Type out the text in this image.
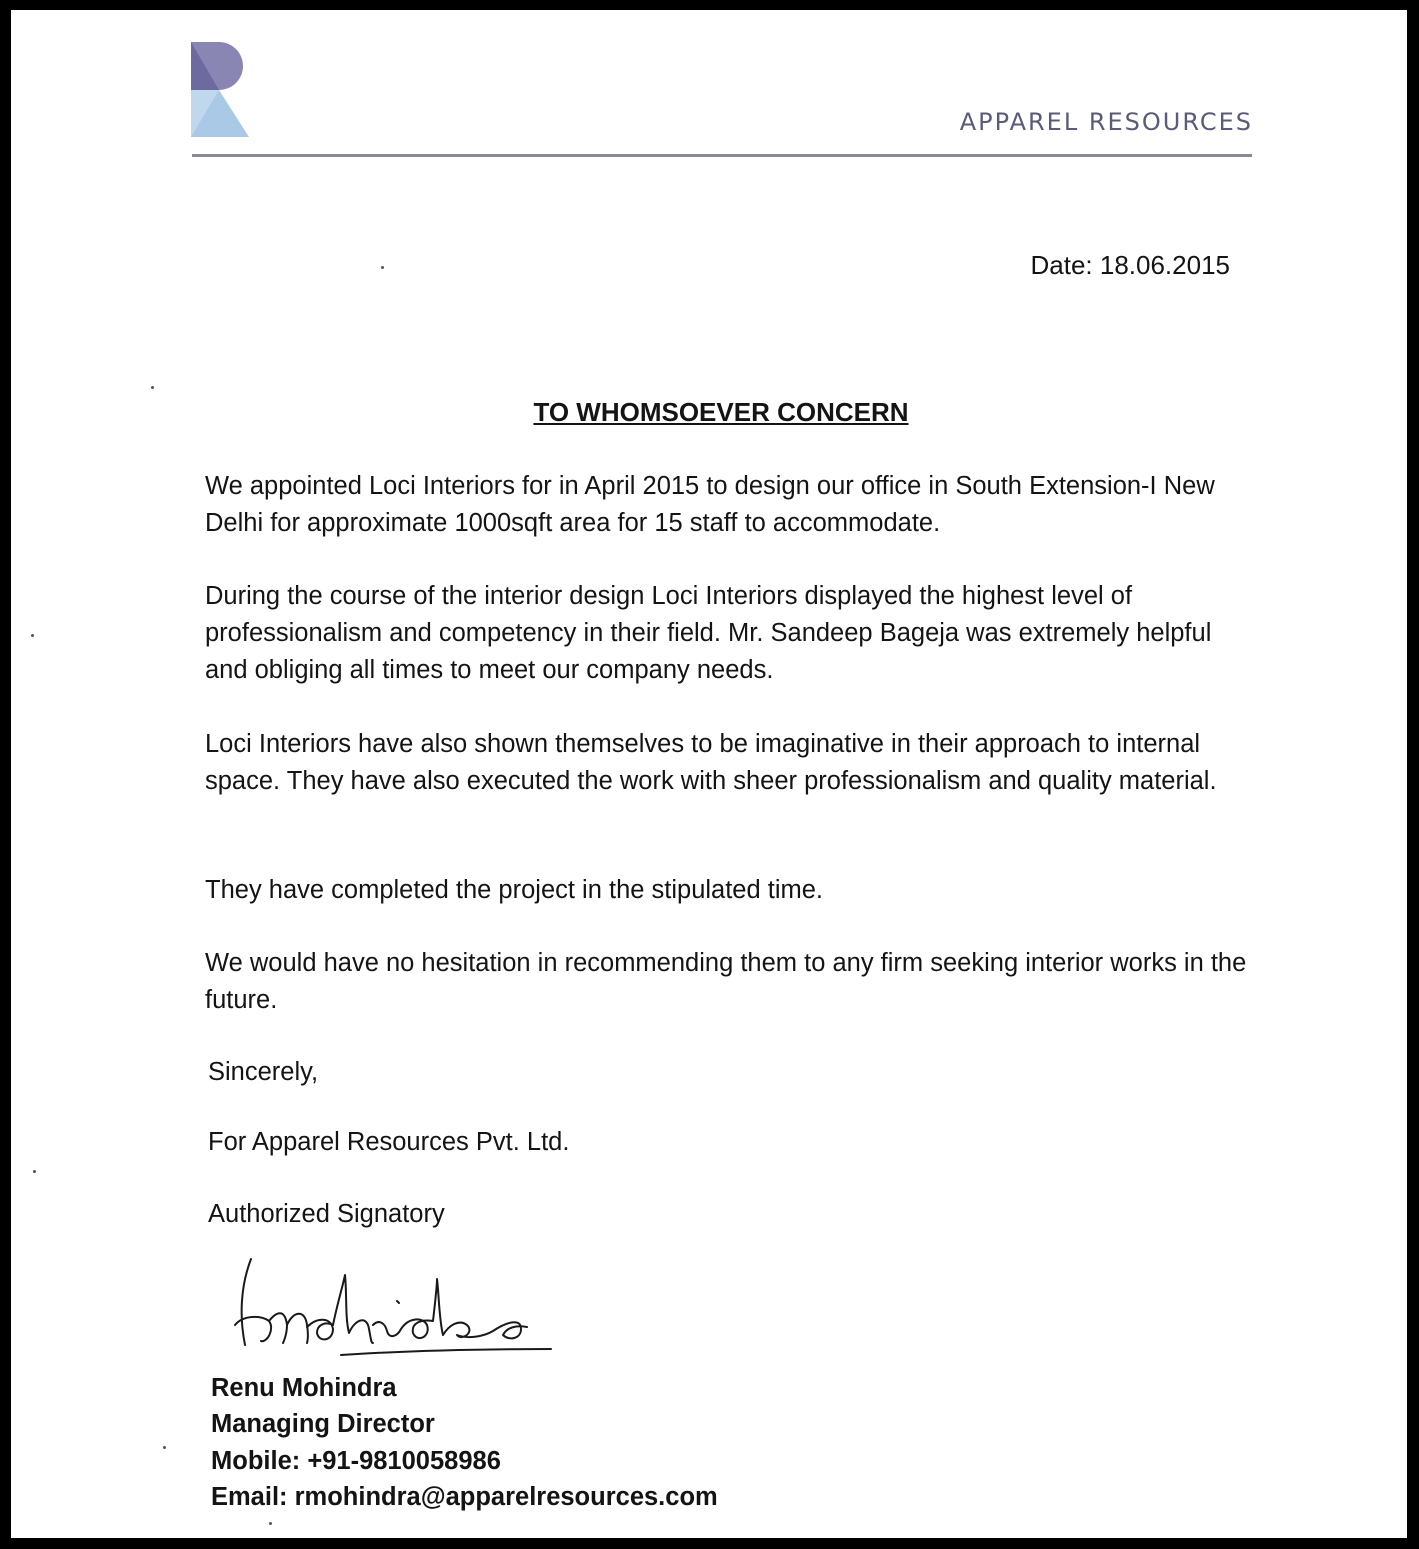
APPAREL RESOURCES
Date: 18.06.2015
TO WHOMSOEVER CONCERN

We appointed Loci Interiors for in April 2015 to design our office in South Extension-I New Delhi for approximate 1000sqft area for 15 staff to accommodate.

During the course of the interior design Loci Interiors displayed the highest level of professionalism and competency in their field. Mr. Sandeep Bageja was extremely helpful and obliging all times to meet our company needs.

Loci Interiors have also shown themselves to be imaginative in their approach to internal space. They have also executed the work with sheer professionalism and quality material.

They have completed the project in the stipulated time.

We would have no hesitation in recommending them to any firm seeking interior works in the future.

Sincerely,
For Apparel Resources Pvt. Ltd.
Authorized Signatory
Renu Mohindra
Managing Director
Mobile: +91-9810058986
Email: rmohindra@apparelresources.com
